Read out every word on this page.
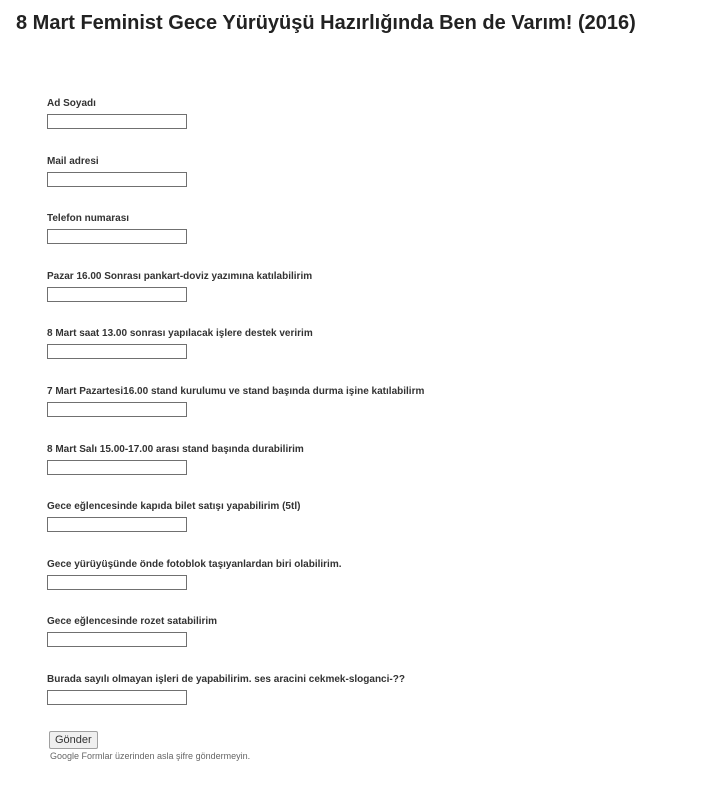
8 Mart Feminist Gece Yürüyüşü Hazırlığında Ben de Varım! (2016)
Ad Soyadı
Mail adresi
Telefon numarası
Pazar 16.00 Sonrası pankart-doviz yazımına katılabilirim
8 Mart saat 13.00 sonrası yapılacak işlere destek veririm
7 Mart Pazartesi16.00 stand kurulumu ve stand başında durma işine katılabilirm
8 Mart Salı 15.00-17.00 arası stand başında durabilirim
Gece eğlencesinde kapıda bilet satışı yapabilirim (5tl)
Gece yürüyüşünde önde fotoblok taşıyanlardan biri olabilirim.
Gece eğlencesinde rozet satabilirim
Burada sayılı olmayan işleri de yapabilirim. ses aracini cekmek-sloganci-??
Gönder
Google Formlar üzerinden asla şifre göndermeyin.
